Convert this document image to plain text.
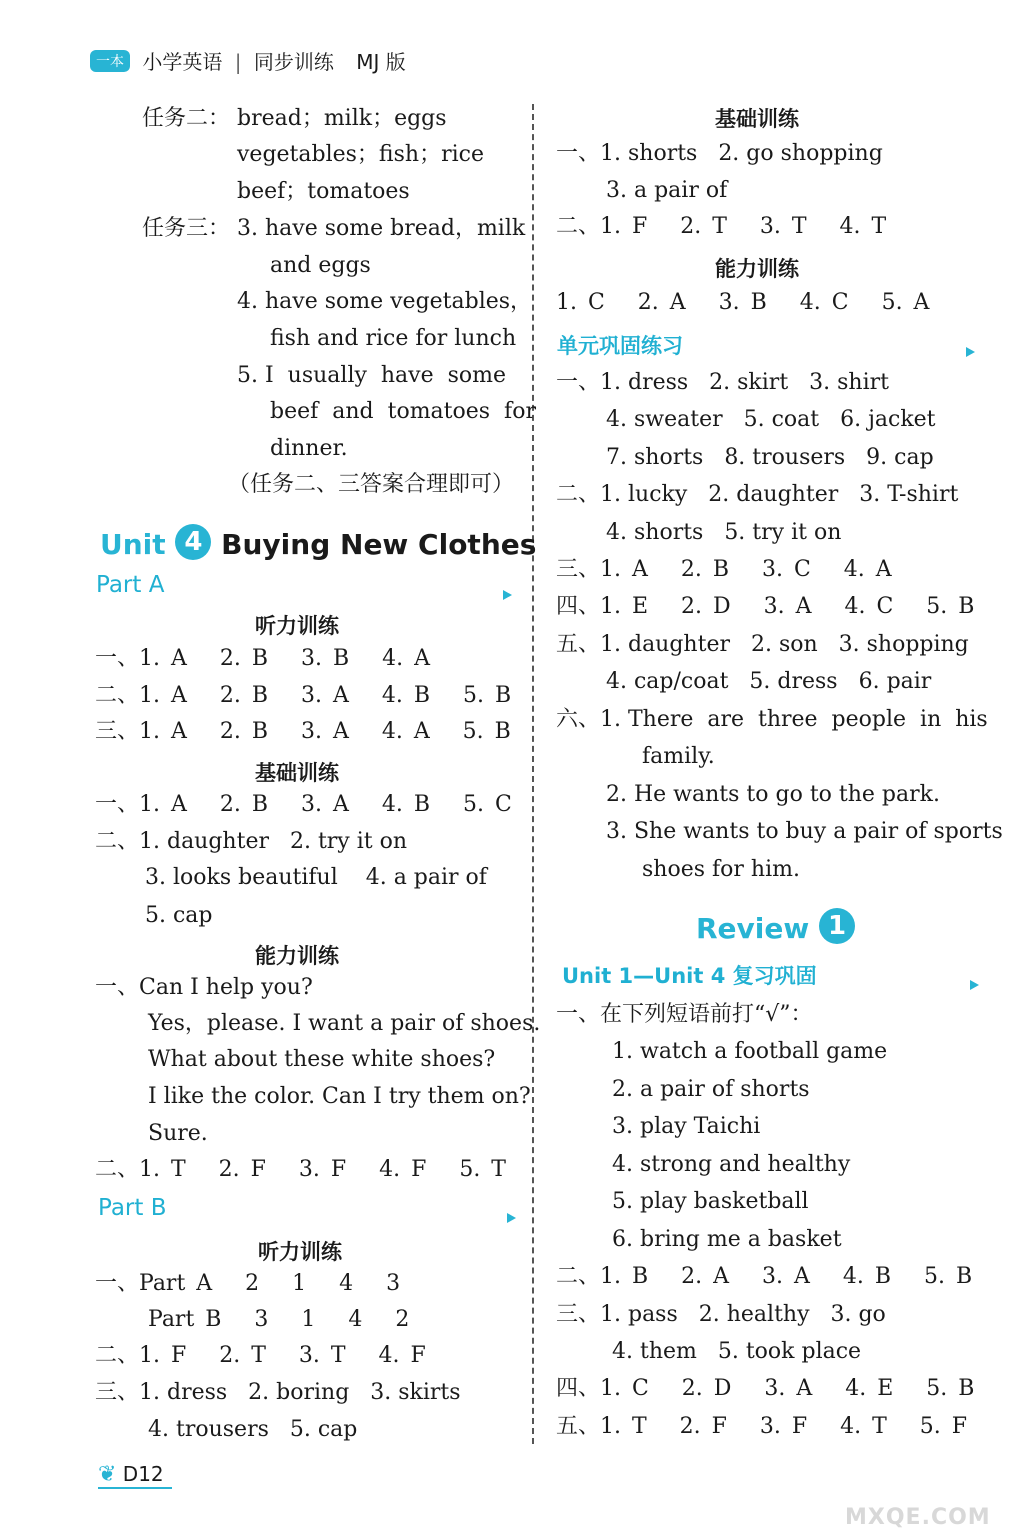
一本 小学英语 | 同步训练 MJ 版
任务二： bread；milk；eggs
vegetables；fish；rice
beef；tomatoes
任务三： 3. have some bread，milk
and eggs
4. have some vegetables，
fish and rice for lunch
5. I  usually  have  some
beef  and  tomatoes  for
dinner.
（任务二、三答案合理即可）
Unit 4 Buying New Clothes
Part A
听力训练
一、1. A   2. B   3. B   4. A
二、1. A   2. B   3. A   4. B   5. B
三、1. A   2. B   3. A   4. A   5. B
基础训练
一、1. A   2. B   3. A   4. B   5. C
二、1. daughter   2. try it on
3. looks beautiful    4. a pair of
5. cap
能力训练
一、Can I help you?
Yes，please. I want a pair of shoes.
What about these white shoes?
I like the color. Can I try them on?
Sure.
二、1. T   2. F   3. F   4. F   5. T
Part B
听力训练
一、Part A   2   1   4   3
Part B   3   1   4   2
二、1. F   2. T   3. T   4. F
三、1. dress   2. boring   3. skirts
4. trousers   5. cap
基础训练
一、1. shorts   2. go shopping
3. a pair of
二、1. F   2. T   3. T   4. T
能力训练
1. C   2. A   3. B   4. C   5. A
单元巩固练习
一、1. dress   2. skirt   3. shirt
4. sweater   5. coat   6. jacket
7. shorts   8. trousers   9. cap
二、1. lucky   2. daughter   3. T-shirt
4. shorts   5. try it on
三、1. A   2. B   3. C   4. A
四、1. E   2. D   3. A   4. C   5. B
五、1. daughter   2. son   3. shopping
4. cap/coat   5. dress   6. pair
六、1. There  are  three  people  in  his
family.
2. He wants to go to the park.
3. She wants to buy a pair of sports
shoes for him.
Review 1
Unit 1—Unit 4 复习巩固
一、在下列短语前打“√”：
1. watch a football game
2. a pair of shorts
3. play Taichi
4. strong and healthy
5. play basketball
6. bring me a basket
二、1. B   2. A   3. A   4. B   5. B
三、1. pass   2. healthy   3. go
4. them   5. took place
四、1. C   2. D   3. A   4. E   5. B
五、1. T   2. F   3. F   4. T   5. F
❦ D12
MXQE.COM
